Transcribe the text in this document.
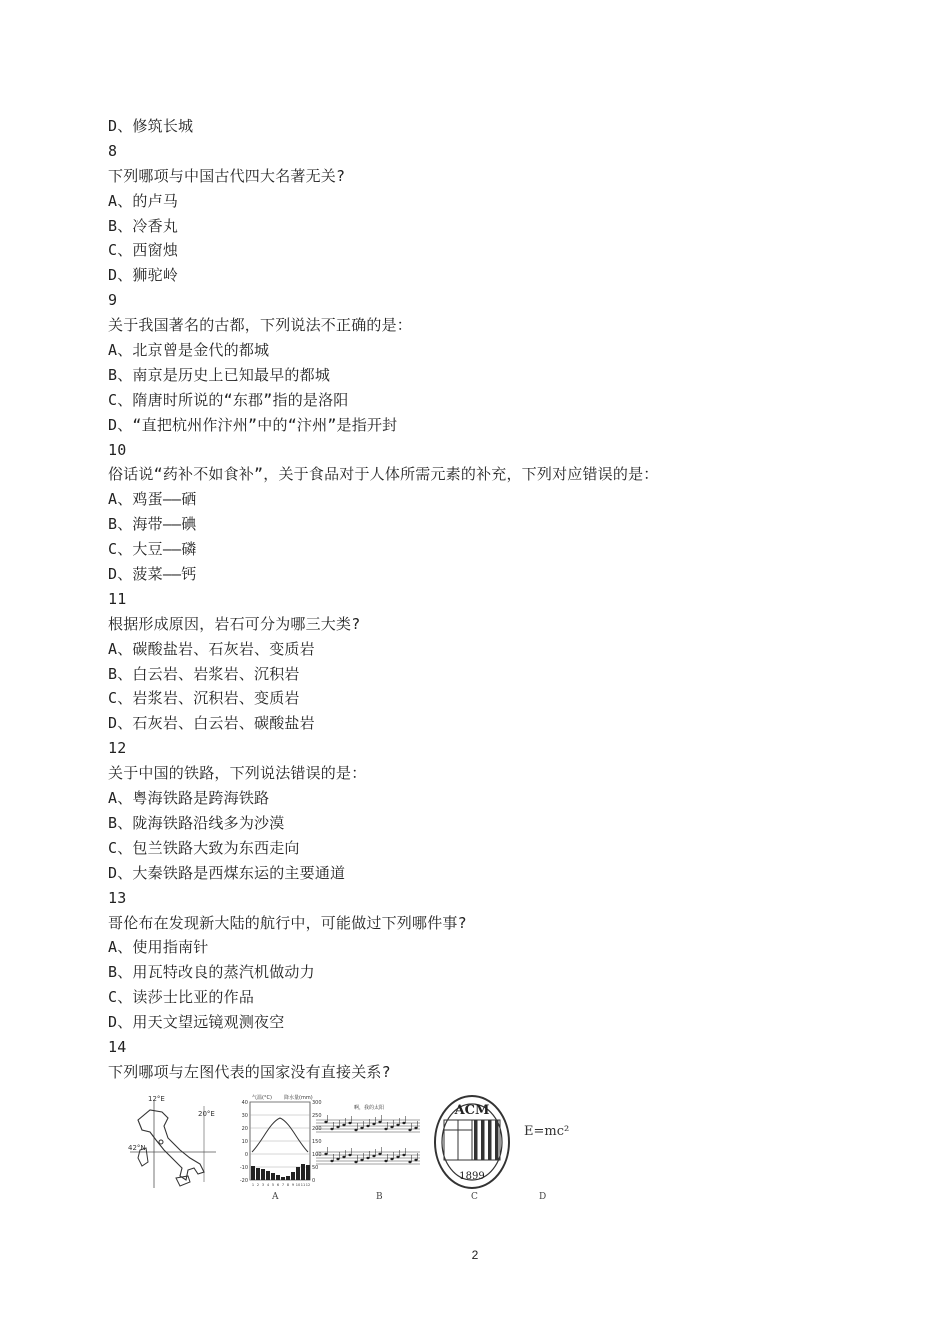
D、修筑长城
8
下列哪项与中国古代四大名著无关?
A、的卢马
B、冷香丸
C、西窗烛
D、狮驼岭
9
关于我国著名的古都，下列说法不正确的是：
A、北京曾是金代的都城
B、南京是历史上已知最早的都城
C、隋唐时所说的“东郡”指的是洛阳
D、“直把杭州作汴州”中的“汴州”是指开封
10
俗话说“药补不如食补”，关于食品对于人体所需元素的补充，下列对应错误的是：
A、鸡蛋——硒
B、海带——碘
C、大豆——磷
D、菠菜——钙
11
根据形成原因，岩石可分为哪三大类?
A、碳酸盐岩、石灰岩、变质岩
B、白云岩、岩浆岩、沉积岩
C、岩浆岩、沉积岩、变质岩
D、石灰岩、白云岩、碳酸盐岩
12
关于中国的铁路，下列说法错误的是：
A、粤海铁路是跨海铁路
B、陇海铁路沿线多为沙漠
C、包兰铁路大致为东西走向
D、大秦铁路是西煤东运的主要通道
13
哥伦布在发现新大陆的航行中，可能做过下列哪件事?
A、使用指南针
B、用瓦特改良的蒸汽机做动力
C、读莎士比亚的作品
D、用天文望远镜观测夜空
14
下列哪项与左图代表的国家没有直接关系?
12°E
42°N
20°E
气温(°C) 降水量(mm)
40	300
30	250
20	200
10	150
0	100
-10	50
-20	0
1 2 3 4 5 6 7 8 9 10 11 12
啊，我的太阳	ACM
1899
E=mc²
A	B	C	D
2
